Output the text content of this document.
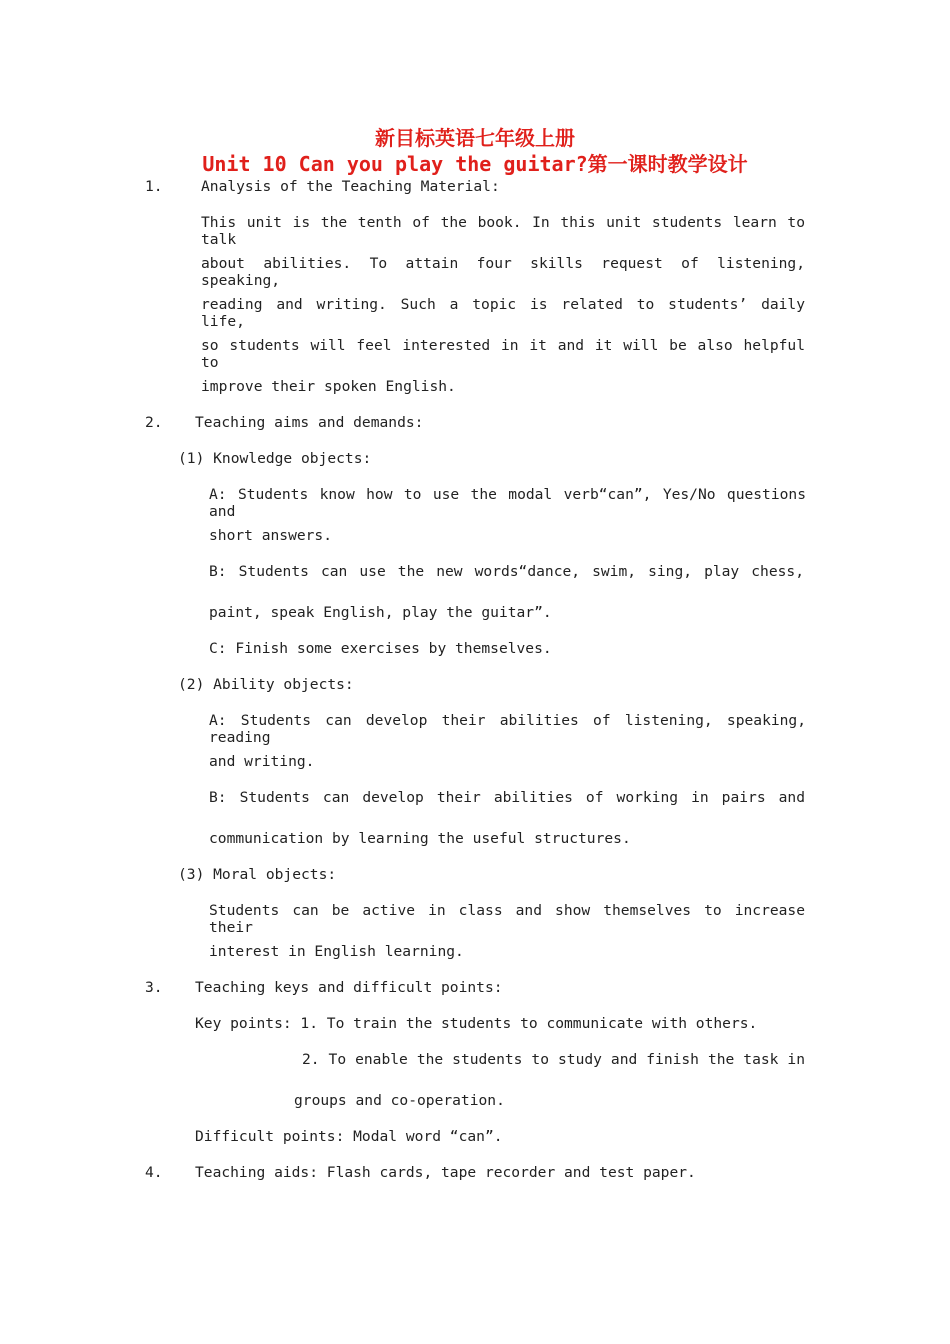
新目标英语七年级上册
Unit 10 Can you play the guitar?第一课时教学设计
1.	Analysis of the Teaching Material:
This unit is the tenth of the book. In this unit students learn to talk
about abilities. To attain four skills request of listening, speaking,
reading and writing. Such a topic is related to students’ daily life,
so students will feel interested in it and it will be also helpful to
improve their spoken English.
2. Teaching aims and demands:
(1) Knowledge objects:
A: Students know how to use the modal verb“can”, Yes/No questions and
short answers.
B: Students can use the new words“dance, swim, sing, play chess,
paint, speak English, play the guitar”.
C: Finish some exercises by themselves.
(2) Ability objects:
A: Students can develop their abilities of listening, speaking, reading
and writing.
B: Students can develop their abilities of working in pairs and
communication by learning the useful structures.
(3) Moral objects:
Students can be active in class and show themselves to increase their
interest in English learning.
3. Teaching keys and difficult points:
Key points: 1. To train the students to communicate with others.
2. To enable the students to study and finish the task in
groups and co-operation.
Difficult points: Modal word “can”.
4. Teaching aids: Flash cards, tape recorder and test paper.
